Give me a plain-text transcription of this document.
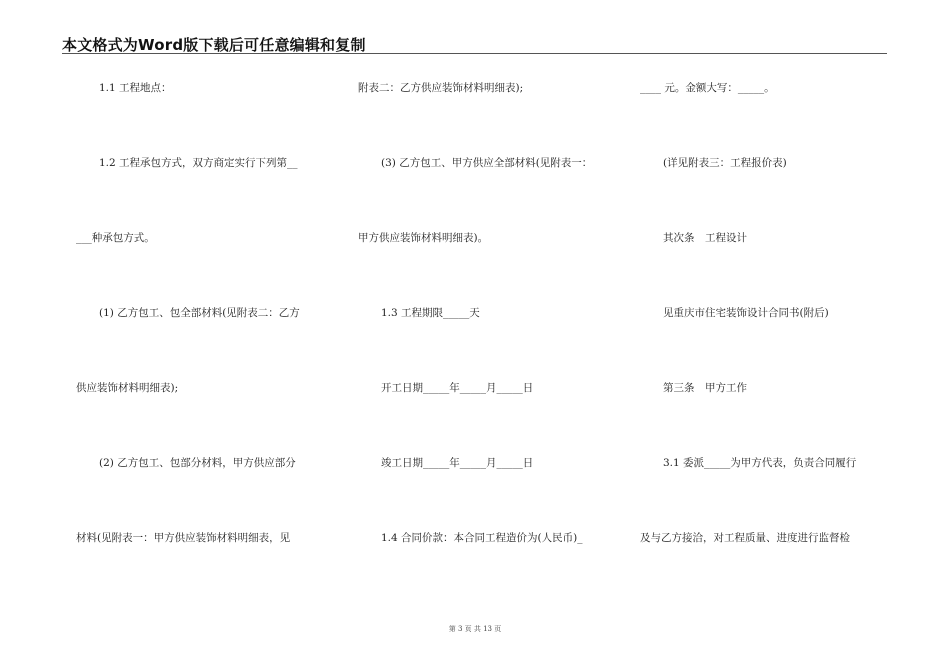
本文格式为Word版下载后可任意编辑和复制
1.1 工程地点：
1.2 工程承包方式，双方商定实行下列第__
___种承包方式。
(1) 乙方包工、包全部材料(见附表二：乙方
供应装饰材料明细表);
(2) 乙方包工、包部分材料，甲方供应部分
材料(见附表一：甲方供应装饰材料明细表，见
附表二：乙方供应装饰材料明细表);
(3) 乙方包工、甲方供应全部材料(见附表一：
甲方供应装饰材料明细表)。
1.3 工程期限_____天
开工日期_____年_____月_____日
竣工日期_____年_____月_____日
1.4 合同价款：本合同工程造价为(人民币)_
____ 元。金额大写：_____。
(详见附表三：工程报价表)
其次条　工程设计
见重庆市住宅装饰设计合同书(附后)
第三条　甲方工作
3.1 委派_____为甲方代表，负责合同履行
及与乙方接洽，对工程质量、进度进行监督检
第 3 页 共 13 页
